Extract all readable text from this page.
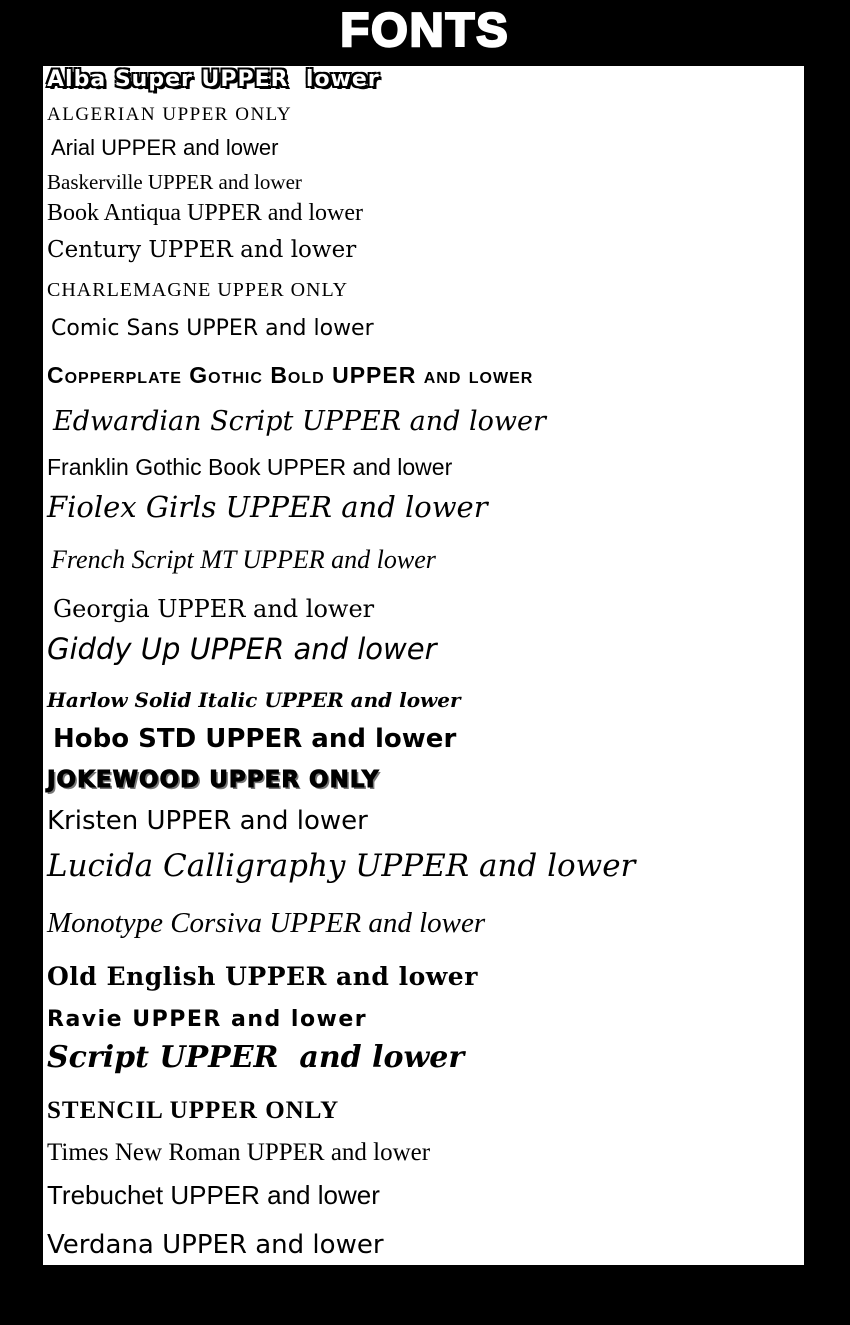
FONTS
Alba Super UPPER  lower
ALGERIAN UPPER ONLY
Arial UPPER and lower
Baskerville UPPER and lower
Book Antiqua UPPER and lower
Century UPPER and lower
CHARLEMAGNE UPPER ONLY
Comic Sans UPPER and lower
Copperplate Gothic Bold UPPER and lower
Edwardian Script UPPER and lower
Franklin Gothic Book UPPER and lower
Fiolex Girls UPPER and lower
French Script MT UPPER and lower
Georgia UPPER and lower
Giddy Up UPPER and lower
Harlow Solid Italic UPPER and lower
Hobo STD UPPER and lower
JOKEWOOD UPPER ONLY
Kristen UPPER and lower
Lucida Calligraphy UPPER and lower
Monotype Corsiva UPPER and lower
Old English UPPER and lower
Ravie UPPER and lower
Script UPPER  and lower
STENCIL UPPER ONLY
Times New Roman UPPER and lower
Trebuchet UPPER and lower
Verdana UPPER and lower
